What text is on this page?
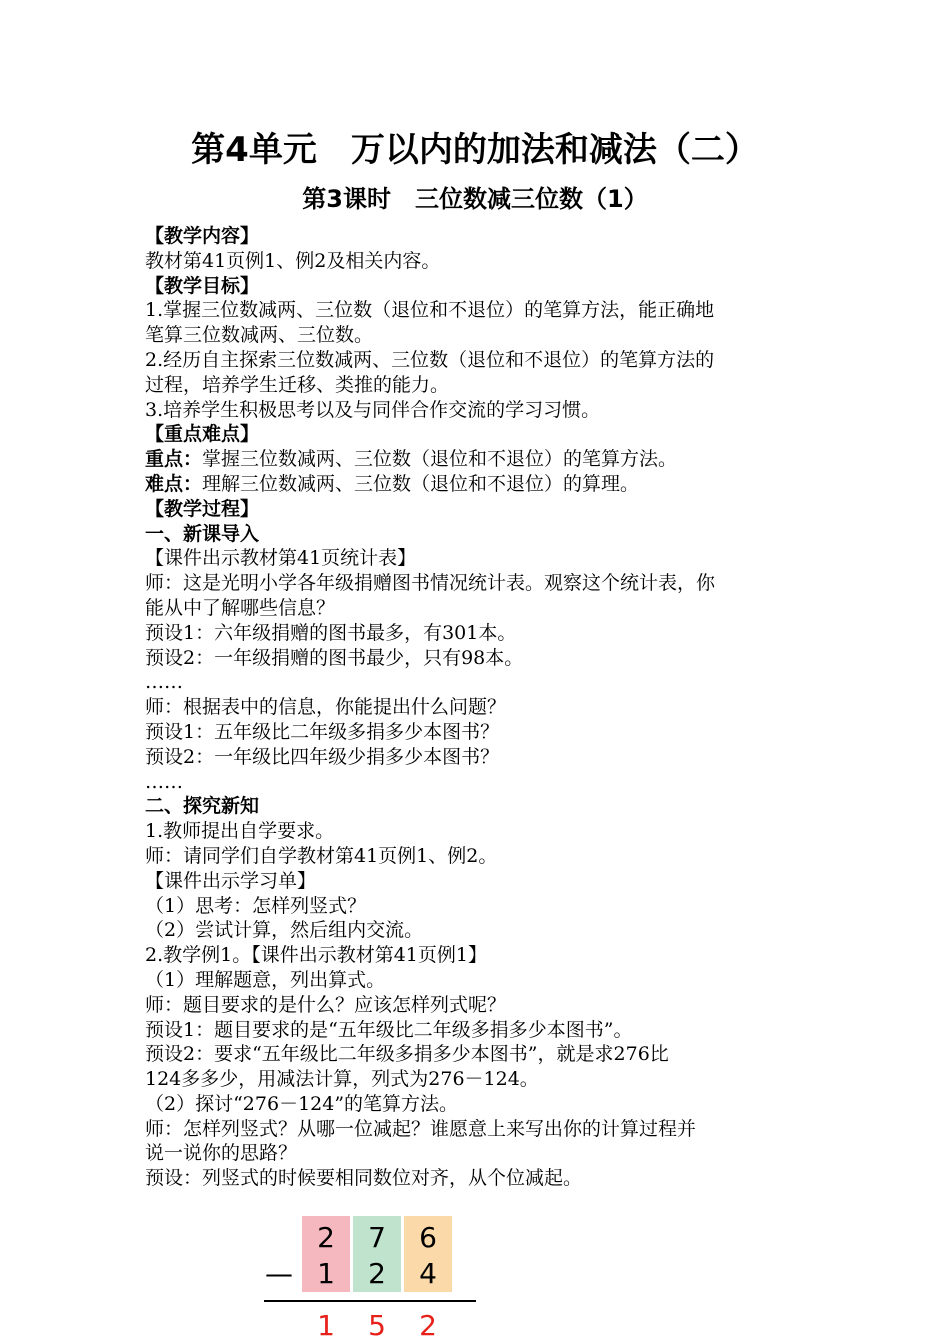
第4单元　万以内的加法和减法（二）
第3课时　三位数减三位数（1）
【教学内容】
教材第41页例1、例2及相关内容。
【教学目标】
1.掌握三位数减两、三位数（退位和不退位）的笔算方法，能正确地
笔算三位数减两、三位数。
2.经历自主探索三位数减两、三位数（退位和不退位）的笔算方法的
过程，培养学生迁移、类推的能力。
3.培养学生积极思考以及与同伴合作交流的学习习惯。
【重点难点】
重点：掌握三位数减两、三位数（退位和不退位）的笔算方法。
难点：理解三位数减两、三位数（退位和不退位）的算理。
【教学过程】
一、新课导入
【课件出示教材第41页统计表】
师：这是光明小学各年级捐赠图书情况统计表。观察这个统计表，你
能从中了解哪些信息？
预设1：六年级捐赠的图书最多，有301本。
预设2：一年级捐赠的图书最少，只有98本。
……
师：根据表中的信息，你能提出什么问题？
预设1：五年级比二年级多捐多少本图书？
预设2：一年级比四年级少捐多少本图书？
……
二、探究新知
1.教师提出自学要求。
师：请同学们自学教材第41页例1、例2。
【课件出示学习单】
（1）思考：怎样列竖式？
（2）尝试计算，然后组内交流。
2.教学例1。【课件出示教材第41页例1】
（1）理解题意，列出算式。
师：题目要求的是什么？应该怎样列式呢？
预设1：题目要求的是“五年级比二年级多捐多少本图书”。
预设2：要求“五年级比二年级多捐多少本图书”，就是求276比
124多多少，用减法计算，列式为276－124。
（2）探讨“276－124”的笔算方法。
师：怎样列竖式？从哪一位减起？谁愿意上来写出你的计算过程并
说一说你的思路？
预设：列竖式的时候要相同数位对齐，从个位减起。
2	7	6
— 1	2	4
1	5	2
